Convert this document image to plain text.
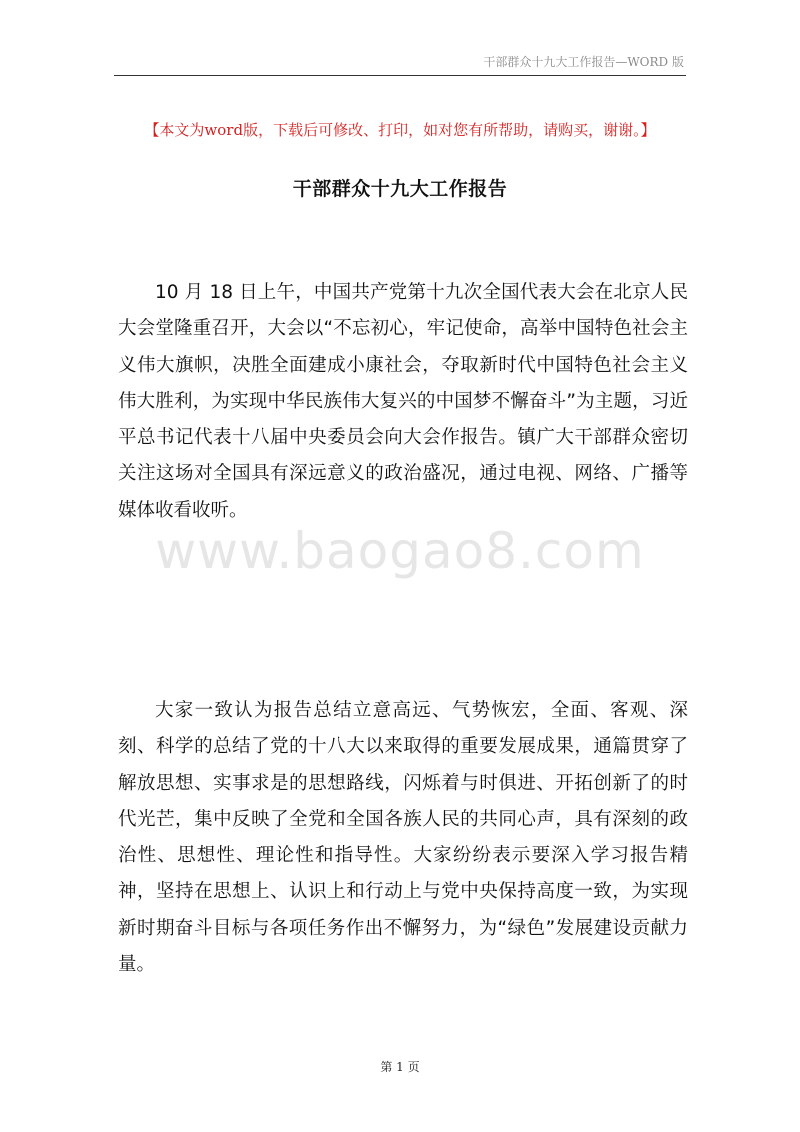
干部群众十九大工作报告—WORD 版
【本文为word版，下载后可修改、打印，如对您有所帮助，请购买，谢谢。】
干部群众十九大工作报告

10 月 18 日上午，中国共产党第十九次全国代表大会在北京人民大会堂隆重召开，大会以“不忘初心，牢记使命，高举中国特色社会主义伟大旗帜，决胜全面建成小康社会，夺取新时代中国特色社会主义伟大胜利，为实现中华民族伟大复兴的中国梦不懈奋斗”为主题，习近平总书记代表十八届中央委员会向大会作报告。镇广大干部群众密切关注这场对全国具有深远意义的政治盛况，通过电视、网络、广播等媒体收看收听。

www.baogao8.com

大家一致认为报告总结立意高远、气势恢宏，全面、客观、深刻、科学的总结了党的十八大以来取得的重要发展成果，通篇贯穿了解放思想、实事求是的思想路线，闪烁着与时俱进、开拓创新了的时代光芒，集中反映了全党和全国各族人民的共同心声，具有深刻的政治性、思想性、理论性和指导性。大家纷纷表示要深入学习报告精神，坚持在思想上、认识上和行动上与党中央保持高度一致，为实现新时期奋斗目标与各项任务作出不懈努力，为“绿色”发展建设贡献力量。

第 1 页
